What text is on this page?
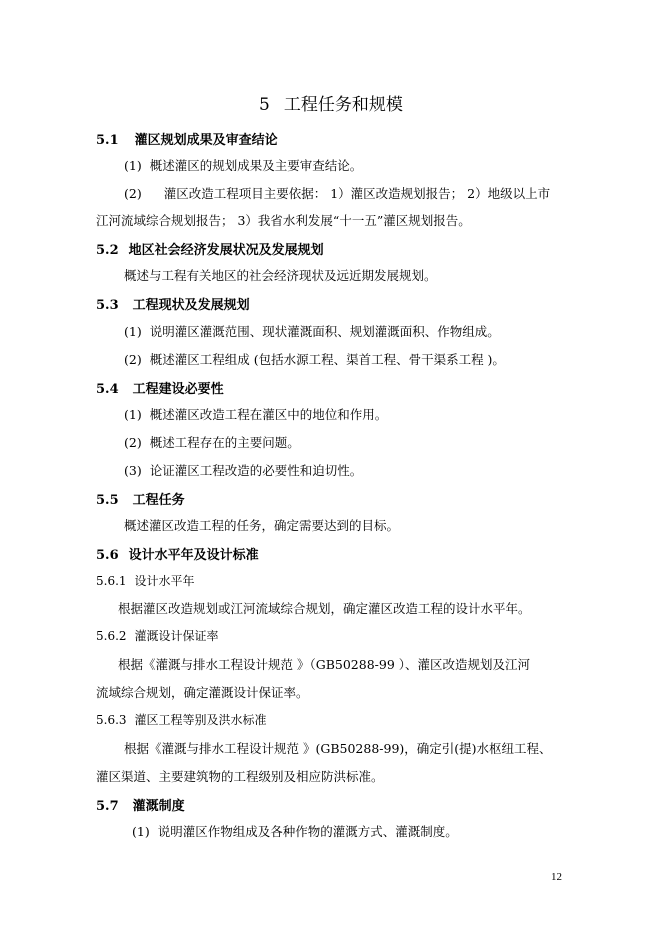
5 工程任务和规模
5.1 灌区规划成果及审查结论
(1) 概述灌区的规划成果及主要审查结论。
(2) 灌区改造工程项目主要依据： 1）灌区改造规划报告； 2）地级以上市
江河流域综合规划报告； 3）我省水利发展“十一五”灌区规划报告。
5.2 地区社会经济发展状况及发展规划
概述与工程有关地区的社会经济现状及远近期发展规划。
5.3 工程现状及发展规划
(1) 说明灌区灌溉范围、现状灌溉面积、规划灌溉面积、作物组成。
(2) 概述灌区工程组成 (包括水源工程、渠首工程、骨干渠系工程 )。
5.4 工程建设必要性
(1) 概述灌区改造工程在灌区中的地位和作用。
(2) 概述工程存在的主要问题。
(3) 论证灌区工程改造的必要性和迫切性。
5.5 工程任务
概述灌区改造工程的任务，确定需要达到的目标。
5.6 设计水平年及设计标准
5.6.1 设计水平年
根据灌区改造规划或江河流域综合规划，确定灌区改造工程的设计水平年。
5.6.2 灌溉设计保证率
根据《灌溉与排水工程设计规范 》（GB50288-99 ）、灌区改造规划及江河
流域综合规划，确定灌溉设计保证率。
5.6.3 灌区工程等别及洪水标准
根据《灌溉与排水工程设计规范 》(GB50288-99)，确定引(提)水枢纽工程、
灌区渠道、主要建筑物的工程级别及相应防洪标准。
5.7 灌溉制度
(1) 说明灌区作物组成及各种作物的灌溉方式、灌溉制度。
12
